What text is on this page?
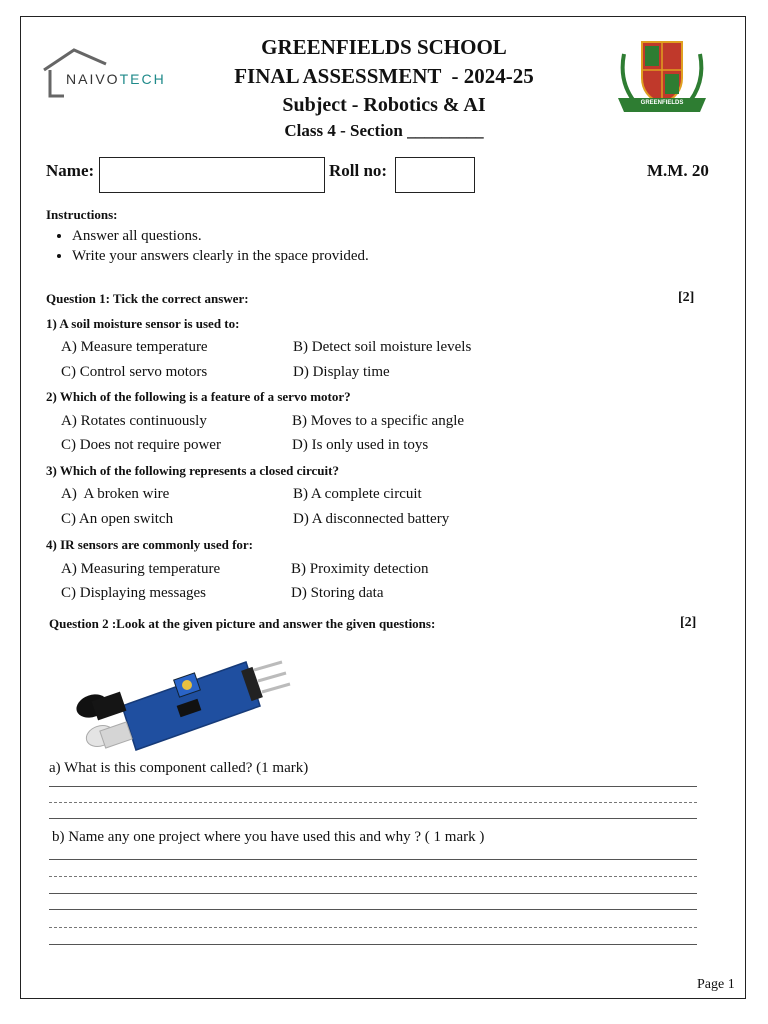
NAIVOTECH
GREENFIELDS SCHOOL
FINAL ASSESSMENT  - 2024-25
Subject - Robotics & AI
Class 4 - Section _________
GREENFIELDS
Name:	Roll no:	M.M. 20
Instructions:
• Answer all questions.
• Write your answers clearly in the space provided.
Question 1: Tick the correct answer:	[2]
1) A soil moisture sensor is used to:
A) Measure temperature	B) Detect soil moisture levels
C) Control servo motors	D) Display time
2) Which of the following is a feature of a servo motor?
A) Rotates continuously	B) Moves to a specific angle
C) Does not require power	D) Is only used in toys
3) Which of the following represents a closed circuit?
A)  A broken wire	B) A complete circuit
C) An open switch	D) A disconnected battery
4) IR sensors are commonly used for:
A) Measuring temperature	B) Proximity detection
C) Displaying messages	D) Storing data
Question 2 :Look at the given picture and answer the given questions:	[2]
a) What is this component called? (1 mark)
b) Name any one project where you have used this and why ? ( 1 mark )
Page 1
